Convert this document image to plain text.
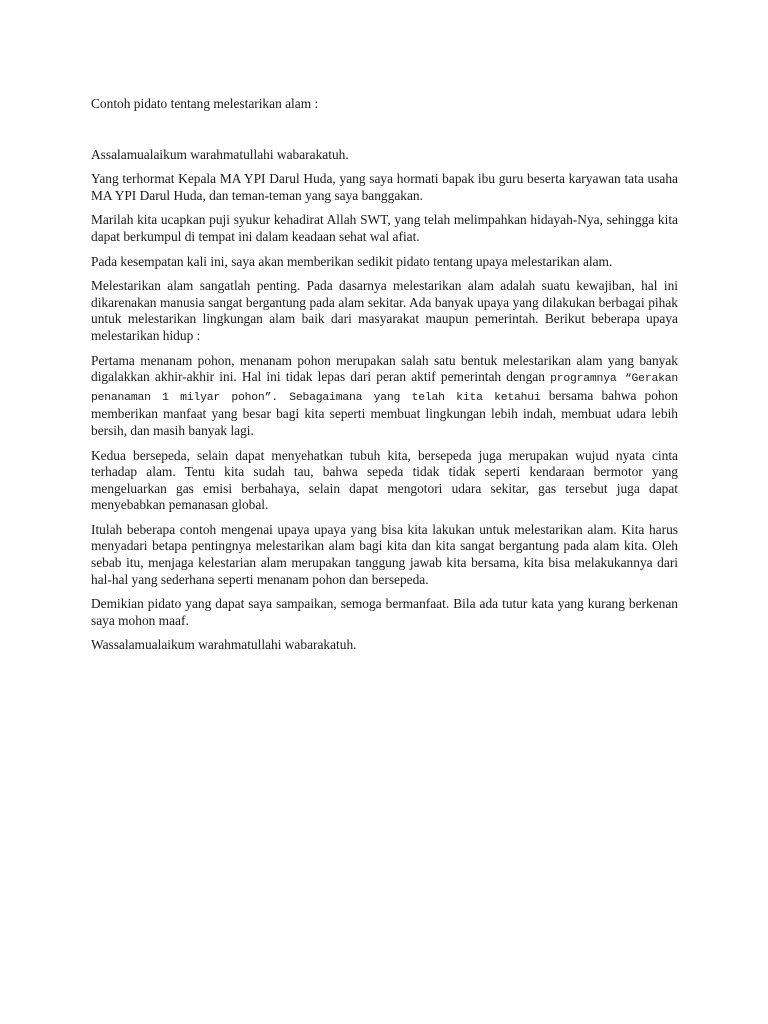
Contoh pidato tentang melestarikan alam :

Assalamualaikum warahmatullahi wabarakatuh.

Yang terhormat Kepala MA YPI Darul Huda, yang saya hormati bapak ibu guru beserta karyawan tata usaha MA YPI Darul Huda, dan teman-teman yang saya banggakan.

Marilah kita ucapkan puji syukur kehadirat Allah SWT, yang telah melimpahkan hidayah-Nya, sehingga kita dapat berkumpul di tempat ini dalam keadaan sehat wal afiat.

Pada kesempatan kali ini, saya akan memberikan sedikit pidato tentang upaya melestarikan alam.

Melestarikan alam sangatlah penting. Pada dasarnya melestarikan alam adalah suatu kewajiban, hal ini dikarenakan manusia sangat bergantung pada alam sekitar. Ada banyak upaya yang dilakukan berbagai pihak untuk melestarikan lingkungan alam baik dari masyarakat maupun pemerintah. Berikut beberapa upaya melestarikan hidup :

Pertama menanam pohon, menanam pohon merupakan salah satu bentuk melestarikan alam yang banyak digalakkan akhir-akhir ini. Hal ini tidak lepas dari peran aktif pemerintah dengan programnya “Gerakan penanaman 1 milyar pohon”. Sebagaimana yang telah kita ketahui bersama bahwa pohon memberikan manfaat yang besar bagi kita seperti membuat lingkungan lebih indah, membuat udara lebih bersih, dan masih banyak lagi.

Kedua bersepeda, selain dapat menyehatkan tubuh kita, bersepeda juga merupakan wujud nyata cinta terhadap alam. Tentu kita sudah tau, bahwa sepeda tidak tidak seperti kendaraan bermotor yang mengeluarkan gas emisi berbahaya, selain dapat mengotori udara sekitar, gas tersebut juga dapat menyebabkan pemanasan global.

Itulah beberapa contoh mengenai upaya upaya yang bisa kita lakukan untuk melestarikan alam. Kita harus menyadari betapa pentingnya melestarikan alam bagi kita dan kita sangat bergantung pada alam kita. Oleh sebab itu, menjaga kelestarian alam merupakan tanggung jawab kita bersama, kita bisa melakukannya dari hal-hal yang sederhana seperti menanam pohon dan bersepeda.

Demikian pidato yang dapat saya sampaikan, semoga bermanfaat. Bila ada tutur kata yang kurang berkenan saya mohon maaf.

Wassalamualaikum warahmatullahi wabarakatuh.
